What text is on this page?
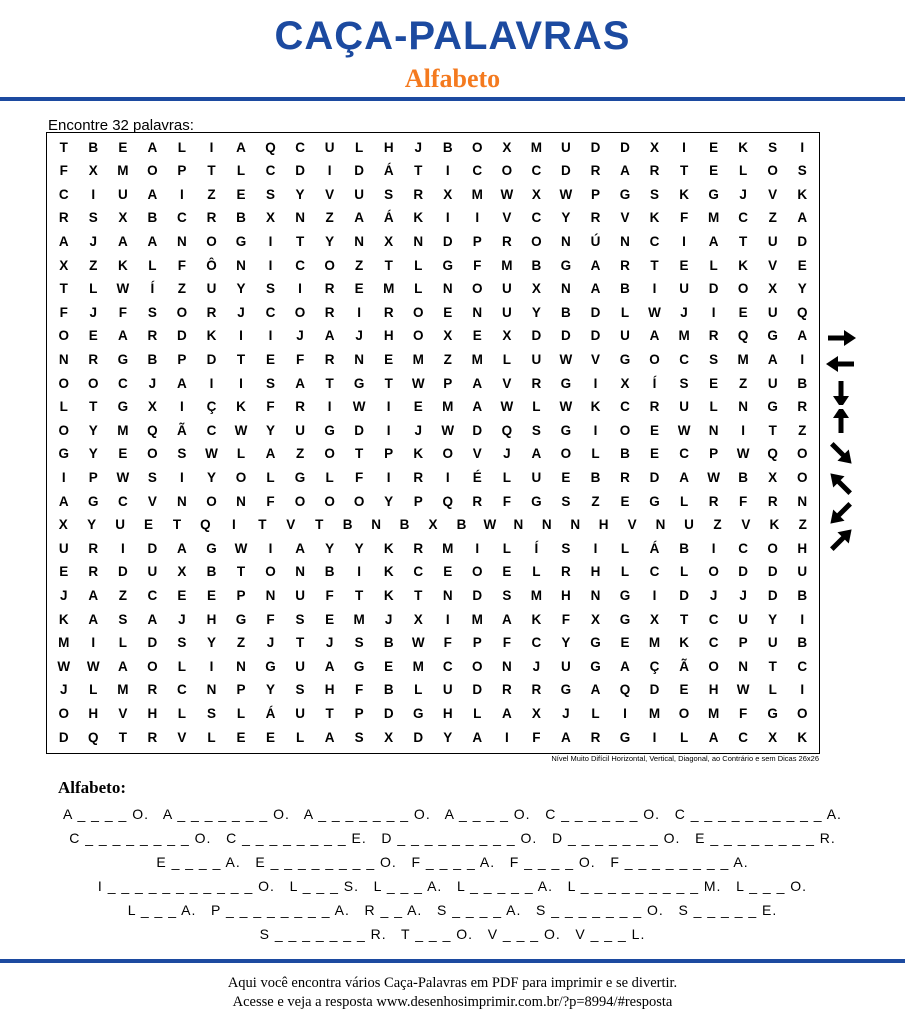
CAÇA-PALAVRAS
Alfabeto
Encontre 32 palavras:
T	B	E	A	L	I	A	Q	C	U	L	H	J	B	O	X	M	U	D	D	X	I	E	K	S	I
F	X	M	O	P	T	L	C	D	I	D	Á	T	I	C	O	C	D	R	A	R	T	E	L	O	S
C	I	U	A	I	Z	E	S	Y	V	U	S	R	X	M	W	X	W	P	G	S	K	G	J	V	K
R	S	X	B	C	R	B	X	N	Z	A	Á	K	I	I	V	C	Y	R	V	K	F	M	C	Z	A
A	J	A	A	N	O	G	I	T	Y	N	X	N	D	P	R	O	N	Ú	N	C	I	A	T	U	D
X	Z	K	L	F	Ô	N	I	C	O	Z	T	L	G	F	M	B	G	A	R	T	E	L	K	V	E
T	L	W	Í	Z	U	Y	S	I	R	E	M	L	N	O	U	X	N	A	B	I	U	D	O	X	Y
F	J	F	S	O	R	J	C	O	R	I	R	O	E	N	U	Y	B	D	L	W	J	I	E	U	Q
O	E	A	R	D	K	I	I	J	A	J	H	O	X	E	X	D	D	D	U	A	M	R	Q	G	A
N	R	G	B	P	D	T	E	F	R	N	E	M	Z	M	L	U	W	V	G	O	C	S	M	A	I
O	O	C	J	A	I	I	S	A	T	G	T	W	P	A	V	R	G	I	X	Í	S	E	Z	U	B
L	T	G	X	I	Ç	K	F	R	I	W	I	E	M	A	W	L	W	K	C	R	U	L	N	G	R
O	Y	M	Q	Ã	C	W	Y	U	G	D	I	J	W	D	Q	S	G	I	O	E	W	N	I	T	Z
G	Y	E	O	S	W	L	A	Z	O	T	P	K	O	V	J	A	O	L	B	E	C	P	W	Q	O
I	P	W	S	I	Y	O	L	G	L	F	I	R	I	É	L	U	E	B	R	D	A	W	B	X	O
A	G	C	V	N	O	N	F	O	O	O	Y	P	Q	R	F	G	S	Z	E	G	L	R	F	R	N
X	Y	U	E	T	Q	I	T	V	T	B	N	B	X	B	W	N	N	N	H	V	N	U	Z	V	K	Z
U	R	I	D	A	G	W	I	A	Y	Y	K	R	M	I	L	Í	S	I	L	Á	B	I	C	O	H
E	R	D	U	X	B	T	O	N	B	I	K	C	E	O	E	L	R	H	L	C	L	O	D	D	U
J	A	Z	C	E	E	P	N	U	F	T	K	T	N	D	S	M	H	N	G	I	D	J	J	D	B
K	A	S	A	J	H	G	F	S	E	M	J	X	I	M	A	K	F	X	G	X	T	C	U	Y	I
M	I	L	D	S	Y	Z	J	T	J	S	B	W	F	P	F	C	Y	G	E	M	K	C	P	U	B
W	W	A	O	L	I	N	G	U	A	G	E	M	C	O	N	J	U	G	A	Ç	Ã	O	N	T	C
J	L	M	R	C	N	P	Y	S	H	F	B	L	U	D	R	R	G	A	Q	D	E	H	W	L	I
O	H	V	H	L	S	L	Á	U	T	P	D	G	H	L	A	X	J	L	I	M	O	M	F	G	O
D	Q	T	R	V	L	E	E	L	A	S	X	D	Y	A	I	F	A	R	G	I	L	A	C	X	K
Nível Muito Difícil Horizontal, Vertical, Diagonal, ao Contrário e sem Dicas 26x26
Alfabeto:
A _ _ _ _ O.   A _ _ _ _ _ _ _ O.   A _ _ _ _ _ _ _ O.   A _ _ _ _ O.   C _ _ _ _ _ _ O.   C _ _ _ _ _ _ _ _ _ _ A.
C _ _ _ _ _ _ _ _ O.   C _ _ _ _ _ _ _ _ E.   D _ _ _ _ _ _ _ _ _ O.   D _ _ _ _ _ _ _ O.   E _ _ _ _ _ _ _ _ R.
E _ _ _ _ A.   E _ _ _ _ _ _ _ _ O.   F _ _ _ _ A.   F _ _ _ _ O.   F _ _ _ _ _ _ _ _ A.
I _ _ _ _ _ _ _ _ _ _ _ O.   L _ _ _ S.   L _ _ _ A.   L _ _ _ _ _ A.   L _ _ _ _ _ _ _ _ _ M.   L _ _ _ O.
L _ _ _ A.   P _ _ _ _ _ _ _ _ A.   R _ _ A.   S _ _ _ _ A.   S _ _ _ _ _ _ _ O.   S _ _ _ _ _ E.
S _ _ _ _ _ _ _ R.   T _ _ _ O.   V _ _ _ O.   V _ _ _ L.
Aqui você encontra vários Caça-Palavras em PDF para imprimir e se divertir.
Acesse e veja a resposta www.desenhosimprimir.com.br/?p=8994/#resposta
